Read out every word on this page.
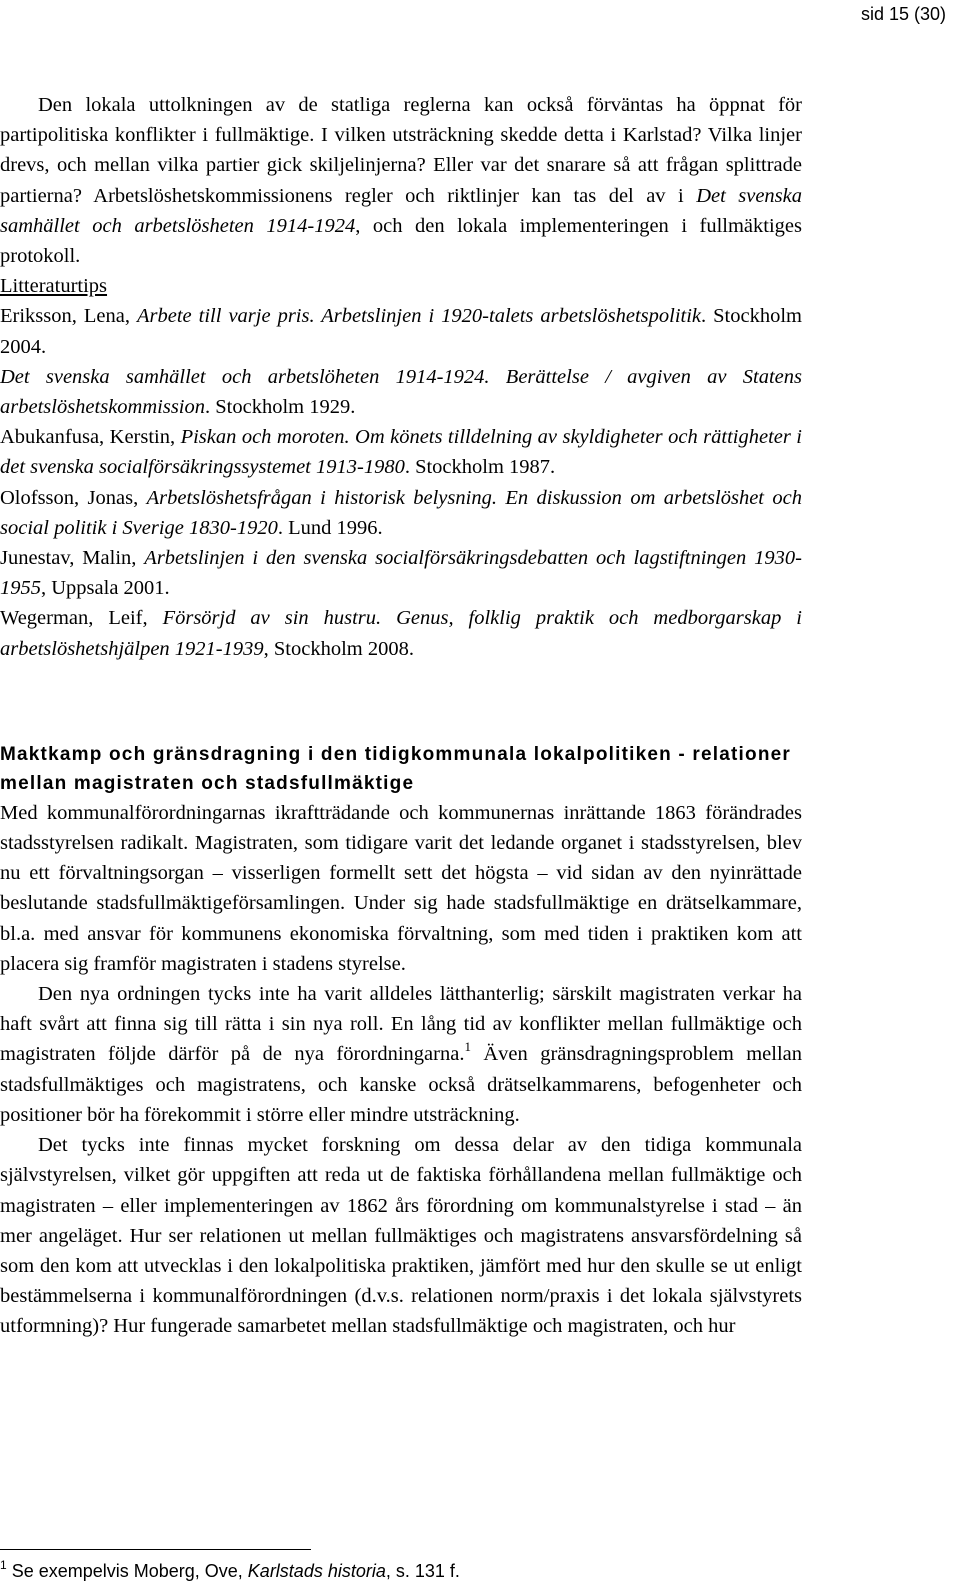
sid 15 (30)

Den lokala uttolkningen av de statliga reglerna kan också förväntas ha öppnat för partipolitiska konflikter i fullmäktige. I vilken utsträckning skedde detta i Karlstad? Vilka linjer drevs, och mellan vilka partier gick skiljelinjerna? Eller var det snarare så att frågan splittrade partierna? Arbetslöshetskommissionens regler och riktlinjer kan tas del av i Det svenska samhället och arbetslösheten 1914-1924, och den lokala implementeringen i fullmäktiges protokoll.

Litteraturtips

Eriksson, Lena, Arbete till varje pris. Arbetslinjen i 1920-talets arbetslöshetspolitik. Stockholm 2004.

Det svenska samhället och arbetslöheten 1914-1924. Berättelse / avgiven av Statens arbetslöshetskommission. Stockholm 1929.

Abukanfusa, Kerstin, Piskan och moroten. Om könets tilldelning av skyldigheter och rättigheter i det svenska socialförsäkringssystemet 1913-1980. Stockholm 1987.

Olofsson, Jonas, Arbetslöshetsfrågan i historisk belysning. En diskussion om arbetslöshet och social politik i Sverige 1830-1920. Lund 1996.

Junestav, Malin, Arbetslinjen i den svenska socialförsäkringsdebatten och lagstiftningen 1930-1955, Uppsala 2001.

Wegerman, Leif, Försörjd av sin hustru. Genus, folklig praktik och medborgarskap i arbetslöshetshjälpen 1921-1939, Stockholm 2008.

Maktkamp och gränsdragning i den tidigkommunala lokalpolitiken - relationer mellan magistraten och stadsfullmäktige

Med kommunalförordningarnas ikraftträdande och kommunernas inrättande 1863 förändrades stadsstyrelsen radikalt. Magistraten, som tidigare varit det ledande organet i stadsstyrelsen, blev nu ett förvaltningsorgan – visserligen formellt sett det högsta – vid sidan av den nyinrättade beslutande stadsfullmäktigeförsamlingen. Under sig hade stadsfullmäktige en drätselkammare, bl.a. med ansvar för kommunens ekonomiska förvaltning, som med tiden i praktiken kom att placera sig framför magistraten i stadens styrelse.

Den nya ordningen tycks inte ha varit alldeles lätthanterlig; särskilt magistraten verkar ha haft svårt att finna sig till rätta i sin nya roll. En lång tid av konflikter mellan fullmäktige och magistraten följde därför på de nya förordningarna.$^1$ Även gränsdragningsproblem mellan stadsfullmäktiges och magistratens, och kanske också drätselkammarens, befogenheter och positioner bör ha förekommit i större eller mindre utsträckning.

Det tycks inte finnas mycket forskning om dessa delar av den tidiga kommunala självstyrelsen, vilket gör uppgiften att reda ut de faktiska förhållandena mellan fullmäktige och magistraten – eller implementeringen av 1862 års förordning om kommunalstyrelse i stad – än mer angeläget. Hur ser relationen ut mellan fullmäktiges och magistratens ansvarsfördelning så som den kom att utvecklas i den lokalpolitiska praktiken, jämfört med hur den skulle se ut enligt bestämmelserna i kommunalförordningen (d.v.s. relationen norm/praxis i det lokala självstyrets utformning)? Hur fungerade samarbetet mellan stadsfullmäktige och magistraten, och hur

$^1$ Se exempelvis Moberg, Ove, Karlstads historia, s. 131 f.
